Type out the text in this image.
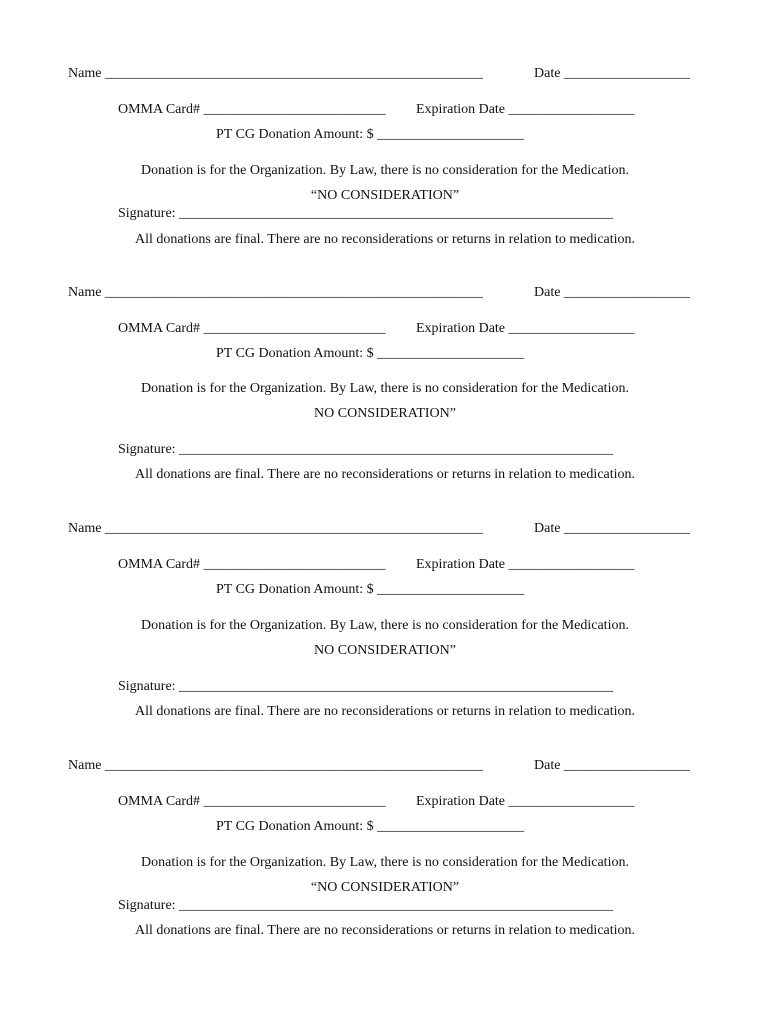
Name ______________________________________________________	Date __________________
OMMA Card# __________________________ Expiration Date __________________
PT CG Donation Amount: $ _____________________
Donation is for the Organization. By Law, there is no consideration for the Medication.
“NO CONSIDERATION”
Signature: ______________________________________________________________
All donations are final. There are no reconsiderations or returns in relation to medication.
Name ______________________________________________________	Date __________________
OMMA Card# __________________________ Expiration Date __________________
PT CG Donation Amount: $ _____________________
Donation is for the Organization. By Law, there is no consideration for the Medication.
NO CONSIDERATION”
Signature: ______________________________________________________________
All donations are final. There are no reconsiderations or returns in relation to medication.
Name ______________________________________________________	Date __________________
OMMA Card# __________________________ Expiration Date __________________
PT CG Donation Amount: $ _____________________
Donation is for the Organization. By Law, there is no consideration for the Medication.
NO CONSIDERATION”
Signature: ______________________________________________________________
All donations are final. There are no reconsiderations or returns in relation to medication.
Name ______________________________________________________	Date __________________
OMMA Card# __________________________ Expiration Date __________________
PT CG Donation Amount: $ _____________________
Donation is for the Organization. By Law, there is no consideration for the Medication.
“NO CONSIDERATION”
Signature: ______________________________________________________________
All donations are final. There are no reconsiderations or returns in relation to medication.
